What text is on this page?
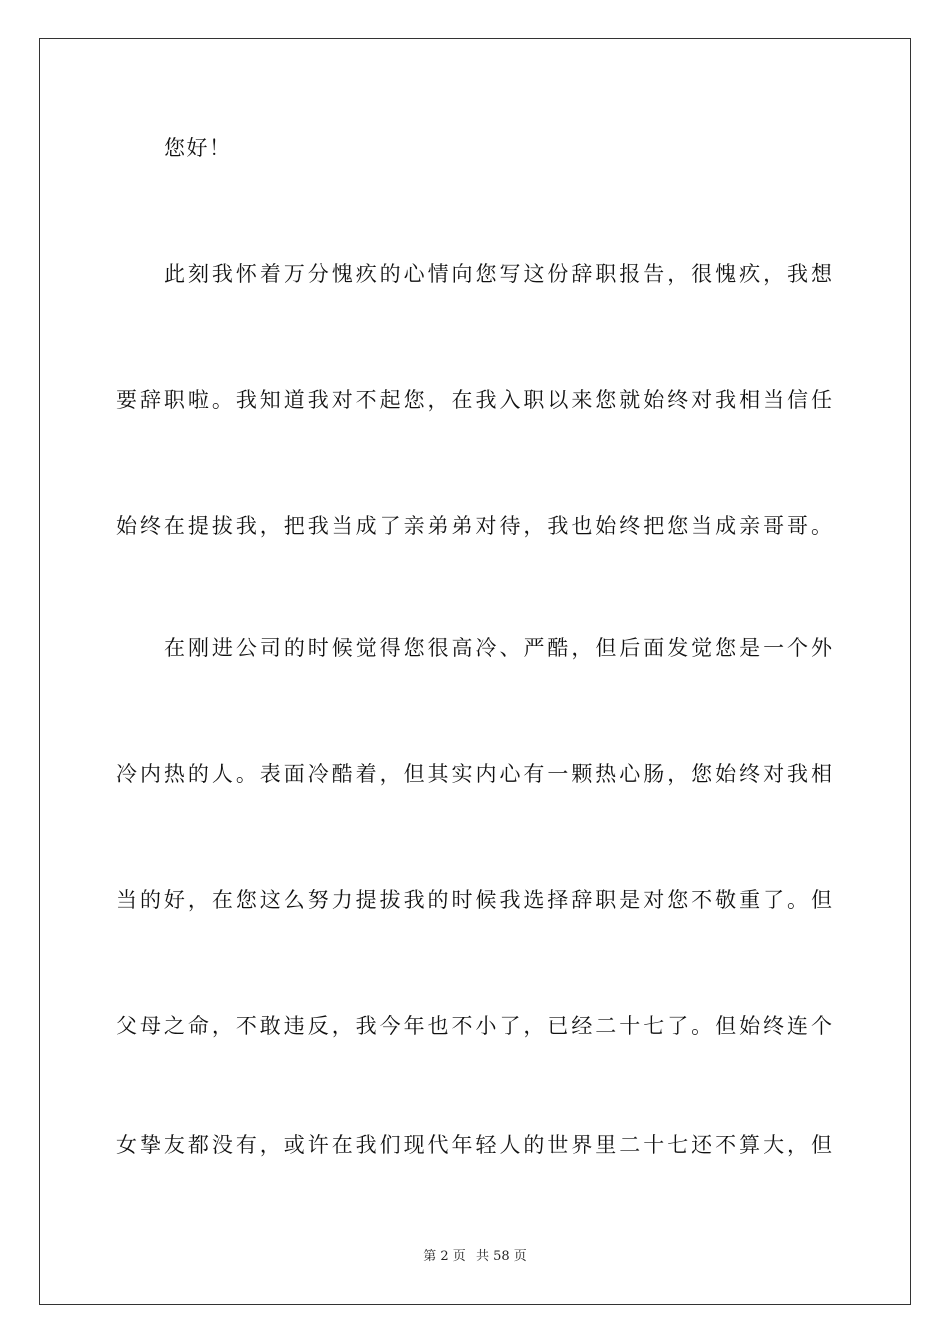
您好！
此刻我怀着万分愧疚的心情向您写这份辞职报告，很愧疚，我想
要辞职啦。我知道我对不起您，在我入职以来您就始终对我相当信任
始终在提拔我，把我当成了亲弟弟对待，我也始终把您当成亲哥哥。
在刚进公司的时候觉得您很高冷、严酷，但后面发觉您是一个外
冷内热的人。表面冷酷着，但其实内心有一颗热心肠，您始终对我相
当的好，在您这么努力提拔我的时候我选择辞职是对您不敬重了。但
父母之命，不敢违反，我今年也不小了，已经二十七了。但始终连个
女挚友都没有，或许在我们现代年轻人的世界里二十七还不算大，但
第 2 页 共 58 页
